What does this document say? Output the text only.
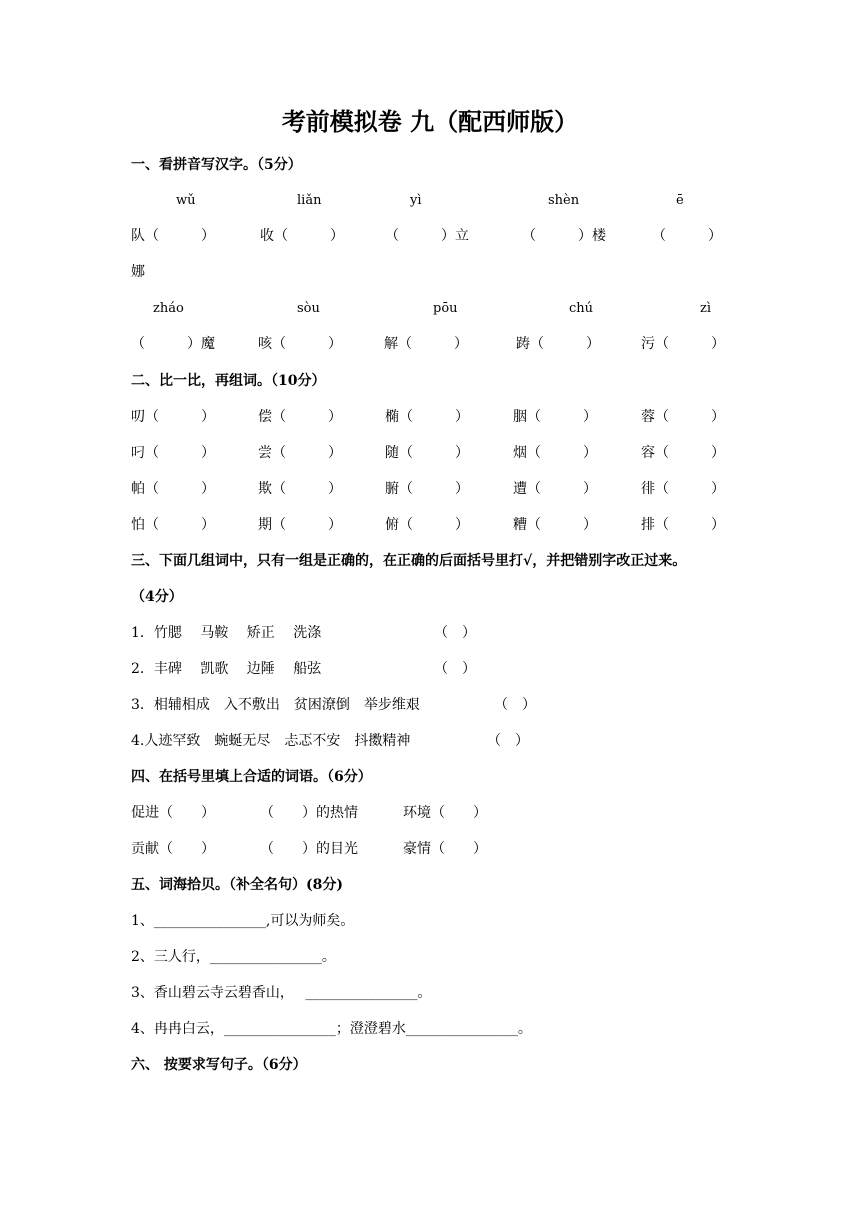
考前模拟卷 九（配西师版）
一、看拼音写汉字。（5分）
wǔ	liǎn	yì	shèn	ē
队（　　　）	收（　　　）	（　　　）立	（　　　）楼	（　　　）
娜
zháo	sòu	pōu	chú	zì
（　　　）魔	咳（　　　）	解（　　　）	踌（　　　）	污（　　　）
二、比一比，再组词。（10分）
叨（　　　）	偿（　　　）	椭（　　　）	胭（　　　）	蓉（　　　）
叼（　　　）	尝（　　　）	随（　　　）	烟（　　　）	容（　　　）
帕（　　　）	欺（　　　）	腑（　　　）	遭（　　　）	徘（　　　）
怕（　　　）	期（　　　）	俯（　　　）	糟（　　　）	排（　　　）
三、下面几组词中，只有一组是正确的，在正确的后面括号里打√，并把错别字改正过来。
（4分）
1．竹腮　 马鞍　 矫正　 洗涤	（　）
2．丰碑　 凯歌　 边陲　 船弦	（　）
3．相辅相成　入不敷出　贫困潦倒　举步维艰	（　）
4.人迹罕致　蜿蜒无尽　忐忑不安　抖擞精神	（　）
四、在括号里填上合适的词语。（6分）
促进（　　）	（　　）的热情	环境（　　）
贡献（　　）	（　　）的目光	豪情（　　）
五、词海拾贝。（补全名句）(8分)
1、________________,可以为师矣。
2、三人行，________________。
3、香山碧云寺云碧香山，　 ________________。
4、冉冉白云，________________；澄澄碧水________________。
六、 按要求写句子。（6分）
